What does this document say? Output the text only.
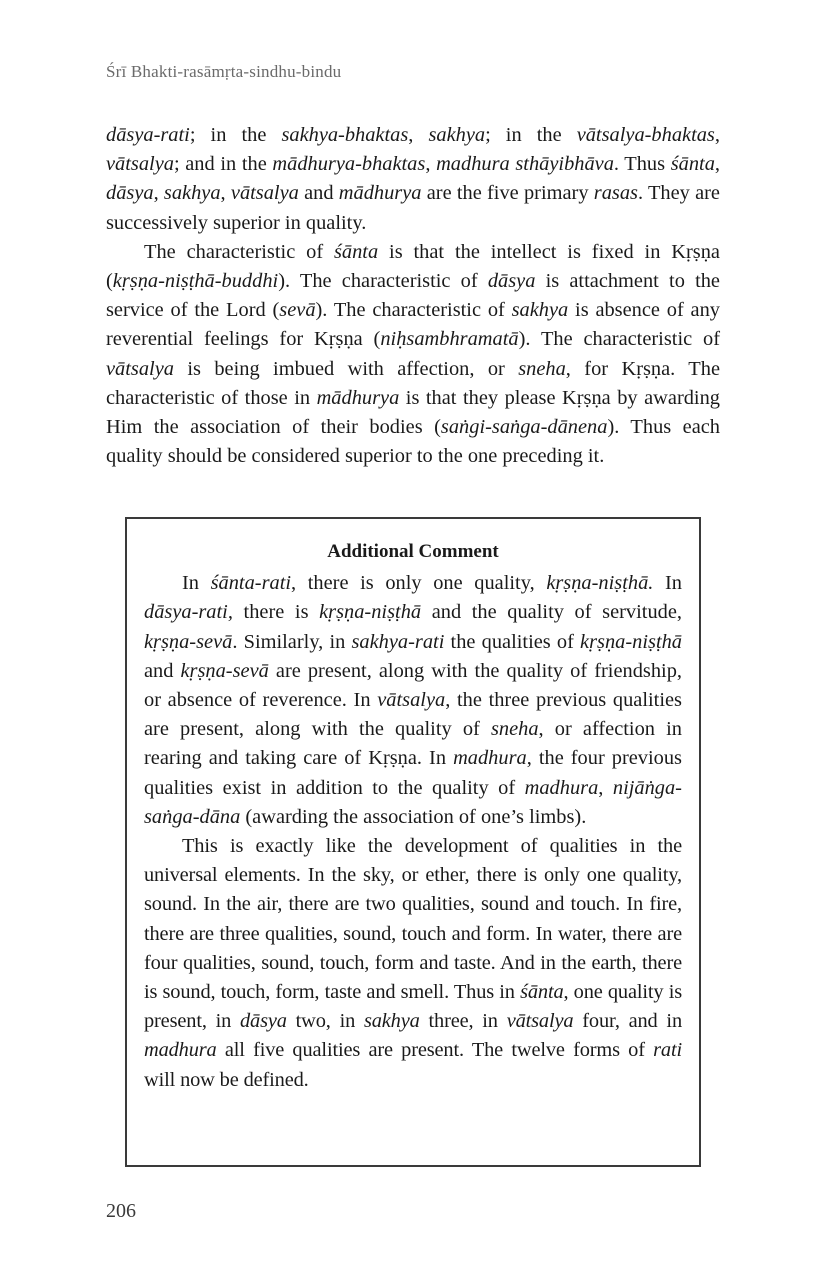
Śrī Bhakti-rasāmṛta-sindhu-bindu

dāsya-rati; in the sakhya-bhaktas, sakhya; in the vātsalya-bhaktas, vātsalya; and in the mādhurya-bhaktas, madhura sthāyibhāva. Thus śānta, dāsya, sakhya, vātsalya and mādhurya are the five primary rasas. They are successively superior in quality.

The characteristic of śānta is that the intellect is fixed in Kṛṣṇa (kṛṣṇa-niṣṭhā-buddhi). The characteristic of dāsya is attachment to the service of the Lord (sevā). The characteristic of sakhya is absence of any reverential feelings for Kṛṣṇa (niḥsambhramatā). The characteristic of vātsalya is being imbued with affection, or sneha, for Kṛṣṇa. The characteristic of those in mādhurya is that they please Kṛṣṇa by awarding Him the association of their bodies (saṅgi-saṅga-dānena). Thus each quality should be considered superior to the one preceding it.

Additional Comment

In śānta-rati, there is only one quality, kṛṣṇa-niṣṭhā. In dāsya-rati, there is kṛṣṇa-niṣṭhā and the quality of servitude, kṛṣṇa-sevā. Similarly, in sakhya-rati the qualities of kṛṣṇa-niṣṭhā and kṛṣṇa-sevā are present, along with the quality of friendship, or absence of reverence. In vātsalya, the three previous qualities are present, along with the quality of sneha, or affection in rearing and taking care of Kṛṣṇa. In madhura, the four previous qualities exist in addition to the quality of madhura, nijāṅga-saṅga-dāna (awarding the association of one’s limbs).

This is exactly like the development of qualities in the universal elements. In the sky, or ether, there is only one quality, sound. In the air, there are two qualities, sound and touch. In fire, there are three qualities, sound, touch and form. In water, there are four qualities, sound, touch, form and taste. And in the earth, there is sound, touch, form, taste and smell. Thus in śānta, one quality is present, in dāsya two, in sakhya three, in vātsalya four, and in madhura all five qualities are present. The twelve forms of rati will now be defined.

206
